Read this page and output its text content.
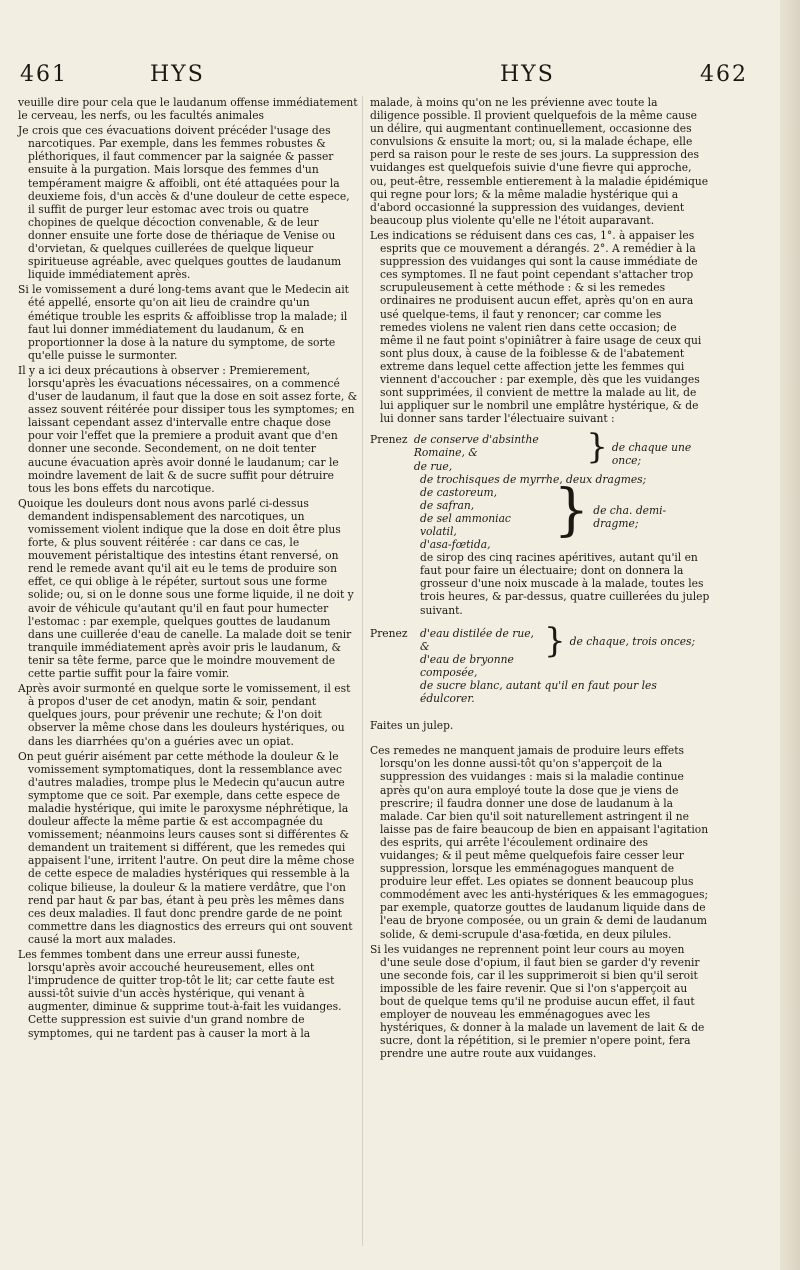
461	HYS	HYS	462

veuille dire pour cela que le laudanum offense immédiatement le cerveau, les nerfs, ou les facultés animales

Je crois que ces évacuations doivent précéder l'usage des narcotiques. Par exemple, dans les femmes robustes & pléthoriques, il faut commencer par la saignée & passer ensuite à la purgation. Mais lorsque des femmes d'un tempérament maigre & affoibli, ont été attaquées pour la deuxieme fois, d'un accès & d'une douleur de cette espece, il suffit de purger leur estomac avec trois ou quatre chopines de quelque décoction convenable, & de leur donner ensuite une forte dose de thériaque de Venise ou d'orvietan, & quelques cuillerées de quelque liqueur spiritueuse agréable, avec quelques gouttes de laudanum liquide immédiatement après.

Si le vomissement a duré long-tems avant que le Medecin ait été appellé, ensorte qu'on ait lieu de craindre qu'un émétique trouble les esprits & affoiblisse trop la malade; il faut lui donner immédiatement du laudanum, & en proportionner la dose à la nature du symptome, de sorte qu'elle puisse le surmonter.

Il y a ici deux précautions à observer : Premierement, lorsqu'après les évacuations nécessaires, on a commencé d'user de laudanum, il faut que la dose en soit assez forte, & assez souvent réitérée pour dissiper tous les symptomes; en laissant cependant assez d'intervalle entre chaque dose pour voir l'effet que la premiere a produit avant que d'en donner une seconde. Secondement, on ne doit tenter aucune évacuation après avoir donné le laudanum; car le moindre lavement de lait & de sucre suffit pour détruire tous les bons effets du narcotique.

Quoique les douleurs dont nous avons parlé ci-dessus demandent indispensablement des narcotiques, un vomissement violent indique que la dose en doit être plus forte, & plus souvent réitérée : car dans ce cas, le mouvement péristaltique des intestins étant renversé, on rend le remede avant qu'il ait eu le tems de produire son effet, ce qui oblige à le répéter, surtout sous une forme solide; ou, si on le donne sous une forme liquide, il ne doit y avoir de véhicule qu'autant qu'il en faut pour humecter l'estomac : par exemple, quelques gouttes de laudanum dans une cuillerée d'eau de canelle. La malade doit se tenir tranquile immédiatement après avoir pris le laudanum, & tenir sa tête ferme, parce que le moindre mouvement de cette partie suffit pour la faire vomir.

Après avoir surmonté en quelque sorte le vomissement, il est à propos d'user de cet anodyn, matin & soir, pendant quelques jours, pour prévenir une rechute; & l'on doit observer la même chose dans les douleurs hystériques, ou dans les diarrhées qu'on a guéries avec un opiat.

On peut guérir aisément par cette méthode la douleur & le vomissement symptomatiques, dont la ressemblance avec d'autres maladies, trompe plus le Medecin qu'aucun autre symptome que ce soit. Par exemple, dans cette espece de maladie hystérique, qui imite le paroxysme néphrétique, la douleur affecte la même partie & est accompagnée du vomissement; néanmoins leurs causes sont si différentes & demandent un traitement si différent, que les remedes qui appaisent l'une, irritent l'autre. On peut dire la même chose de cette espece de maladies hystériques qui ressemble à la colique bilieuse, la douleur & la matiere verdâtre, que l'on rend par haut & par bas, étant à peu près les mêmes dans ces deux maladies. Il faut donc prendre garde de ne point commettre dans les diagnostics des erreurs qui ont souvent causé la mort aux malades.

Les femmes tombent dans une erreur aussi funeste, lorsqu'après avoir accouché heureusement, elles ont l'imprudence de quitter trop-tôt le lit; car cette faute est aussi-tôt suivie d'un accès hystérique, qui venant à augmenter, diminue & supprime tout-à-fait les vuidanges. Cette suppression est suivie d'un grand nombre de symptomes, qui ne tardent pas à causer la mort à la

malade, à moins qu'on ne les prévienne avec toute la diligence possible. Il provient quelquefois de la même cause un délire, qui augmentant continuellement, occasionne des convulsions & ensuite la mort; ou, si la malade échape, elle perd sa raison pour le reste de ses jours. La suppression des vuidanges est quelquefois suivie d'une fievre qui approche, ou, peut-être, ressemble entierement à la maladie épidémique qui regne pour lors; & la même maladie hystérique qui a d'abord occasionné la suppression des vuidanges, devient beaucoup plus violente qu'elle ne l'étoit auparavant.

Les indications se réduisent dans ces cas, 1°. à appaiser les esprits que ce mouvement a dérangés. 2°. A remédier à la suppression des vuidanges qui sont la cause immédiate de ces symptomes. Il ne faut point cependant s'attacher trop scrupuleusement à cette méthode : & si les remedes ordinaires ne produisent aucun effet, après qu'on en aura usé quelque-tems, il faut y renoncer; car comme les remedes violens ne valent rien dans cette occasion; de même il ne faut point s'opiniâtrer à faire usage de ceux qui sont plus doux, à cause de la foiblesse & de l'abatement extreme dans lequel cette affection jette les femmes qui viennent d'accoucher : par exemple, dès que les vuidanges sont supprimées, il convient de mettre la malade au lit, de lui appliquer sur le nombril une emplâtre hystérique, & de lui donner sans tarder l'électuaire suivant :

Prenez de conserve d'absinthe Romaine, &
de rue,	} de chaque une once;
de trochisques de myrrhe, deux dragmes;
de castoreum,
de safran,
de sel ammoniac volatil,
d'asa-fœtida,
} de cha. demi-dragme;
de sirop des cinq racines apéritives, autant qu'il en faut pour faire un électuaire; dont on donnera la grosseur d'une noix muscade à la malade, toutes les trois heures, & par-dessus, quatre cuillerées du julep suivant.
Prenez	d'eau distilée de rue, &
d'eau de bryonne composée,
} de chaque, trois onces;
de sucre blanc, autant qu'il en faut pour les édulcorer.
Faites un julep.

Ces remedes ne manquent jamais de produire leurs effets lorsqu'on les donne aussi-tôt qu'on s'apperçoit de la suppression des vuidanges : mais si la maladie continue après qu'on aura employé toute la dose que je viens de prescrire; il faudra donner une dose de laudanum à la malade. Car bien qu'il soit naturellement astringent il ne laisse pas de faire beaucoup de bien en appaisant l'agitation des esprits, qui arrête l'écoulement ordinaire des vuidanges; & il peut même quelquefois faire cesser leur suppression, lorsque les emménagogues manquent de produire leur effet. Les opiates se donnent beaucoup plus commodément avec les anti-hystériques & les emmagogues; par exemple, quatorze gouttes de laudanum liquide dans de l'eau de bryone composée, ou un grain & demi de laudanum solide, & demi-scrupule d'asa-fœtida, en deux pilules.

Si les vuidanges ne reprennent point leur cours au moyen d'une seule dose d'opium, il faut bien se garder d'y revenir une seconde fois, car il les supprimeroit si bien qu'il seroit impossible de les faire revenir. Que si l'on s'apperçoit au bout de quelque tems qu'il ne produise aucun effet, il faut employer de nouveau les emménagogues avec les hystériques, & donner à la malade un lavement de lait & de sucre, dont la répétition, si le premier n'opere point, fera prendre une autre route aux vuidanges.
